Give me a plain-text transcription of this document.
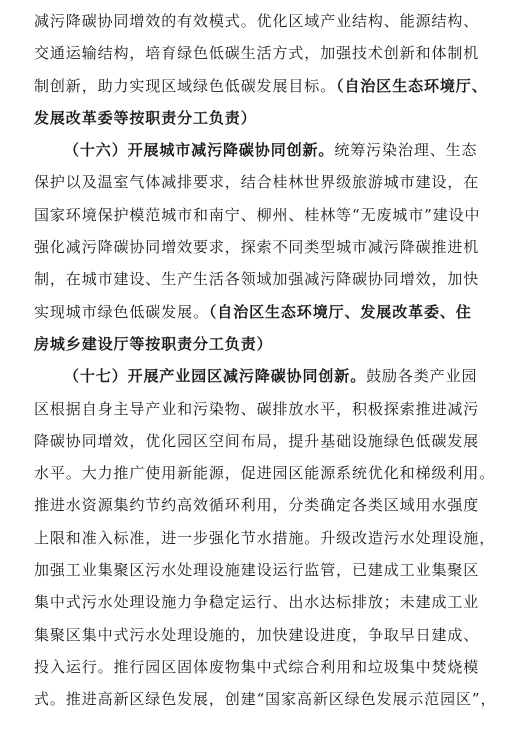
减污降碳协同增效的有效模式。优化区域产业结构、能源结构、
交通运输结构，培育绿色低碳生活方式，加强技术创新和体制机
制创新，助力实现区域绿色低碳发展目标。（自治区生态环境厅、
发展改革委等按职责分工负责）
（十六）开展城市减污降碳协同创新。统筹污染治理、生态
保护以及温室气体减排要求，结合桂林世界级旅游城市建设，在
国家环境保护模范城市和南宁、柳州、桂林等“无废城市”建设中
强化减污降碳协同增效要求，探索不同类型城市减污降碳推进机
制，在城市建设、生产生活各领域加强减污降碳协同增效，加快
实现城市绿色低碳发展。（自治区生态环境厅、发展改革委、住
房城乡建设厅等按职责分工负责）
（十七）开展产业园区减污降碳协同创新。鼓励各类产业园
区根据自身主导产业和污染物、碳排放水平，积极探索推进减污
降碳协同增效，优化园区空间布局，提升基础设施绿色低碳发展
水平。大力推广使用新能源，促进园区能源系统优化和梯级利用。
推进水资源集约节约高效循环利用，分类确定各类区域用水强度
上限和准入标准，进一步强化节水措施。升级改造污水处理设施，
加强工业集聚区污水处理设施建设运行监管，已建成工业集聚区
集中式污水处理设施力争稳定运行、出水达标排放；未建成工业
集聚区集中式污水处理设施的，加快建设进度，争取早日建成、
投入运行。推行园区固体废物集中式综合利用和垃圾集中焚烧模
式。推进高新区绿色发展，创建“国家高新区绿色发展示范园区”，
